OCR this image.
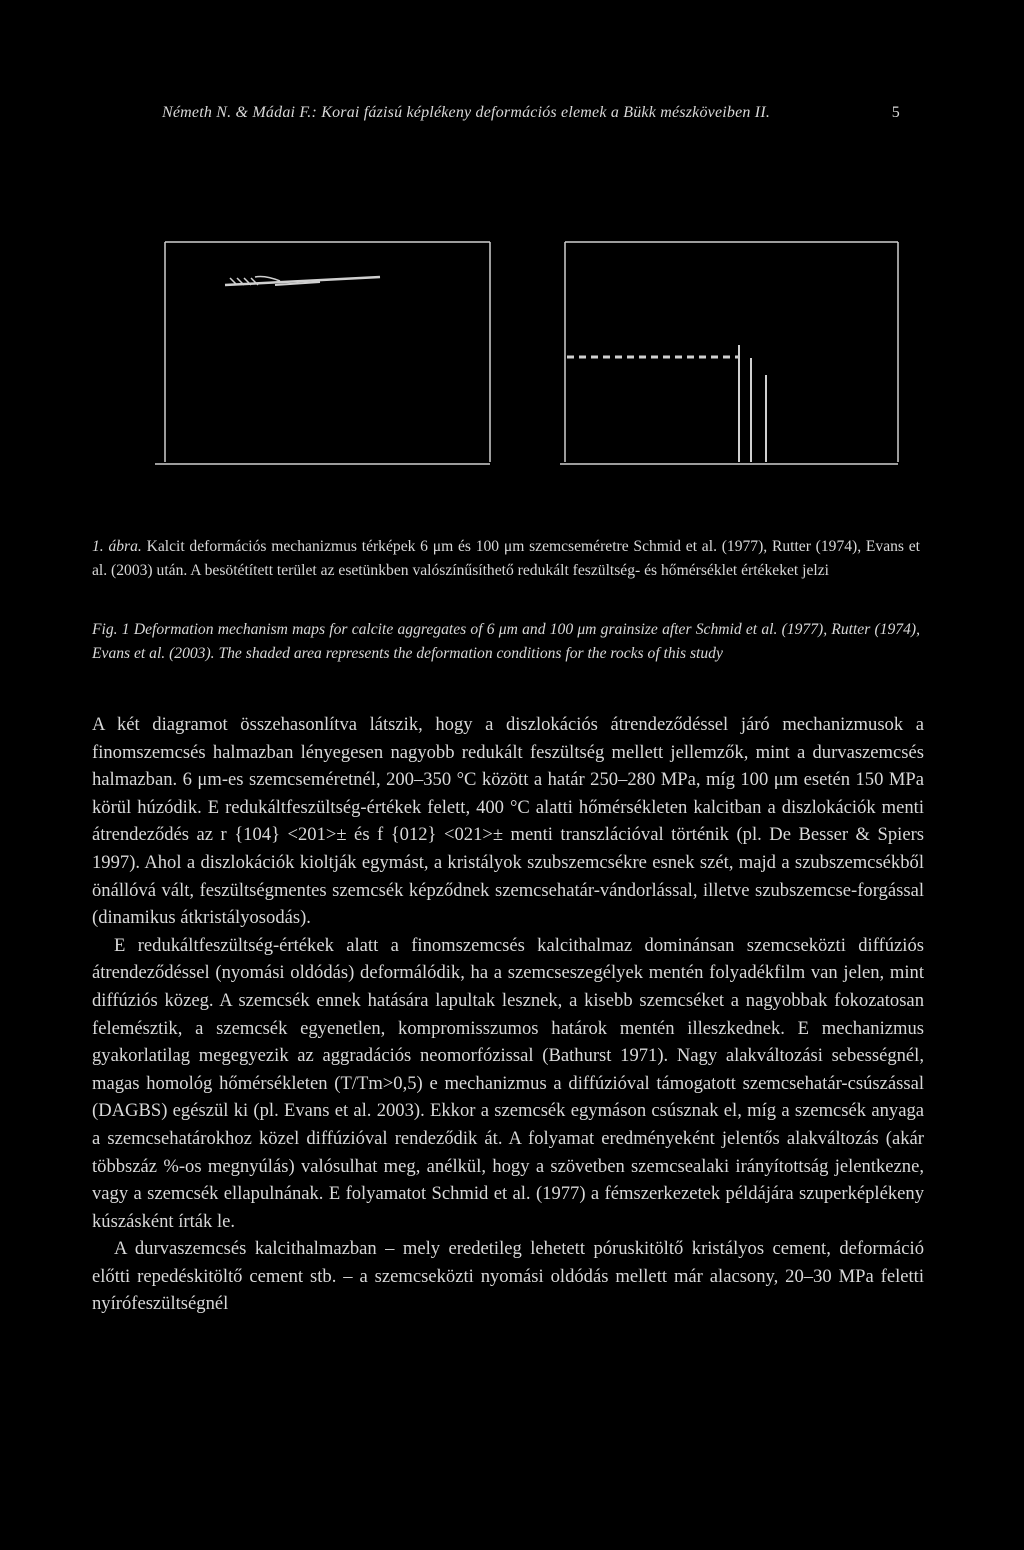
Németh N. & Mádai F.: Korai fázisú képlékeny deformációs elemek a Bükk mészköveiben II.	5
1. ábra. Kalcit deformációs mechanizmus térképek 6 μm és 100 μm szemcseméretre Schmid et al. (1977), Rutter (1974), Evans et al. (2003) után. A besötétített terület az esetünkben valószínűsíthető redukált feszültség- és hőmérséklet értékeket jelzi
Fig. 1 Deformation mechanism maps for calcite aggregates of 6 μm and 100 μm grainsize after Schmid et al. (1977), Rutter (1974), Evans et al. (2003). The shaded area represents the deformation conditions for the rocks of this study

A két diagramot összehasonlítva látszik, hogy a diszlokációs átrendeződéssel járó mechanizmusok a finomszemcsés halmazban lényegesen nagyobb redukált feszültség mellett jellemzők, mint a durvaszemcsés halmazban. 6 μm-es szemcseméretnél, 200–350 °C között a határ 250–280 MPa, míg 100 μm esetén 150 MPa körül húzódik. E redukáltfeszültség-értékek felett, 400 °C alatti hőmérsékleten kalcitban a diszlokációk menti átrendeződés az r {104} <201>± és f {012} <021>± menti transzlációval történik (pl. De Besser & Spiers 1997). Ahol a diszlokációk kioltják egymást, a kristályok szubszemcsékre esnek szét, majd a szubszemcsékből önállóvá vált, feszültségmentes szemcsék képződnek szemcsehatár-vándorlással, illetve szubszemcse-forgással (dinamikus átkristályosodás).

E redukáltfeszültség-értékek alatt a finomszemcsés kalcithalmaz dominánsan szemcseközti diffúziós átrendeződéssel (nyomási oldódás) deformálódik, ha a szemcseszegélyek mentén folyadékfilm van jelen, mint diffúziós közeg. A szemcsék ennek hatására lapultak lesznek, a kisebb szemcséket a nagyobbak fokozatosan felemésztik, a szemcsék egyenetlen, kompromisszumos határok mentén illeszkednek. E mechanizmus gyakorlatilag megegyezik az aggradációs neomorfózissal (Bathurst 1971). Nagy alakváltozási sebességnél, magas homológ hőmérsékleten (T/Tm>0,5) e mechanizmus a diffúzióval támogatott szemcsehatár-csúszással (DAGBS) egészül ki (pl. Evans et al. 2003). Ekkor a szemcsék egymáson csúsznak el, míg a szemcsék anyaga a szemcsehatárokhoz közel diffúzióval rendeződik át. A folyamat eredményeként jelentős alakváltozás (akár többszáz %-os megnyúlás) valósulhat meg, anélkül, hogy a szövetben szemcsealaki irányítottság jelentkezne, vagy a szemcsék ellapulnának. E folyamatot Schmid et al. (1977) a fémszerkezetek példájára szuperképlékeny kúszásként írták le.

A durvaszemcsés kalcithalmazban – mely eredetileg lehetett póruskitöltő kristályos cement, deformáció előtti repedéskitöltő cement stb. – a szemcseközti nyomási oldódás mellett már alacsony, 20–30 MPa feletti nyírófeszültségnél
